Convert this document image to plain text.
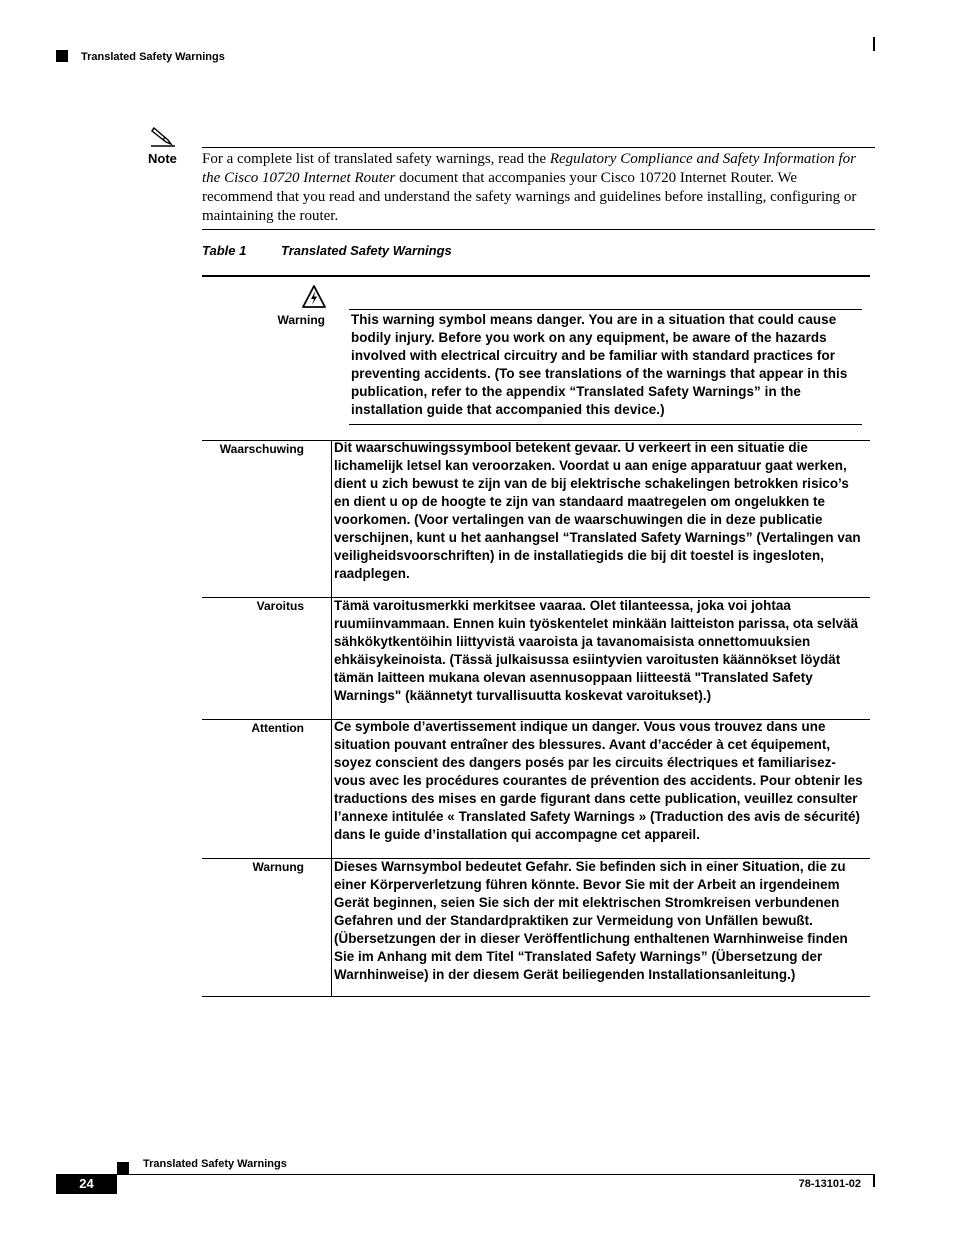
Translated Safety Warnings
Note For a complete list of translated safety warnings, read the Regulatory Compliance and Safety Information for the Cisco 10720 Internet Router document that accompanies your Cisco 10720 Internet Router. We recommend that you read and understand the safety warnings and guidelines before installing, configuring or maintaining the router.
Table 1	Translated Safety Warnings
Warning This warning symbol means danger. You are in a situation that could cause bodily injury. Before you work on any equipment, be aware of the hazards involved with electrical circuitry and be familiar with standard practices for preventing accidents. (To see translations of the warnings that appear in this publication, refer to the appendix “Translated Safety Warnings” in the installation guide that accompanied this device.)
Waarschuwing Dit waarschuwingssymbool betekent gevaar. U verkeert in een situatie die lichamelijk letsel kan veroorzaken. Voordat u aan enige apparatuur gaat werken, dient u zich bewust te zijn van de bij elektrische schakelingen betrokken risico’s en dient u op de hoogte te zijn van standaard maatregelen om ongelukken te voorkomen. (Voor vertalingen van de waarschuwingen die in deze publicatie verschijnen, kunt u het aanhangsel “Translated Safety Warnings” (Vertalingen van veiligheidsvoorschriften) in de installatiegids die bij dit toestel is ingesloten, raadplegen.
Varoitus Tämä varoitusmerkki merkitsee vaaraa. Olet tilanteessa, joka voi johtaa ruumiinvammaan. Ennen kuin työskentelet minkään laitteiston parissa, ota selvää sähkökytkentöihin liittyvistä vaaroista ja tavanomaisista onnettomuuksien ehkäisykeinoista. (Tässä julkaisussa esiintyvien varoitusten käännökset löydät tämän laitteen mukana olevan asennusoppaan liitteestä "Translated Safety Warnings" (käännetyt turvallisuutta koskevat varoitukset).)
Attention Ce symbole d’avertissement indique un danger. Vous vous trouvez dans une situation pouvant entraîner des blessures. Avant d’accéder à cet équipement, soyez conscient des dangers posés par les circuits électriques et familiarisez-vous avec les procédures courantes de prévention des accidents. Pour obtenir les traductions des mises en garde figurant dans cette publication, veuillez consulter l’annexe intitulée « Translated Safety Warnings » (Traduction des avis de sécurité) dans le guide d’installation qui accompagne cet appareil.
Warnung Dieses Warnsymbol bedeutet Gefahr. Sie befinden sich in einer Situation, die zu einer Körperverletzung führen könnte. Bevor Sie mit der Arbeit an irgendeinem Gerät beginnen, seien Sie sich der mit elektrischen Stromkreisen verbundenen Gefahren und der Standardpraktiken zur Vermeidung von Unfällen bewußt. (Übersetzungen der in dieser Veröffentlichung enthaltenen Warnhinweise finden Sie im Anhang mit dem Titel “Translated Safety Warnings” (Übersetzung der Warnhinweise) in der diesem Gerät beiliegenden Installationsanleitung.)
Translated Safety Warnings
24	78-13101-02
